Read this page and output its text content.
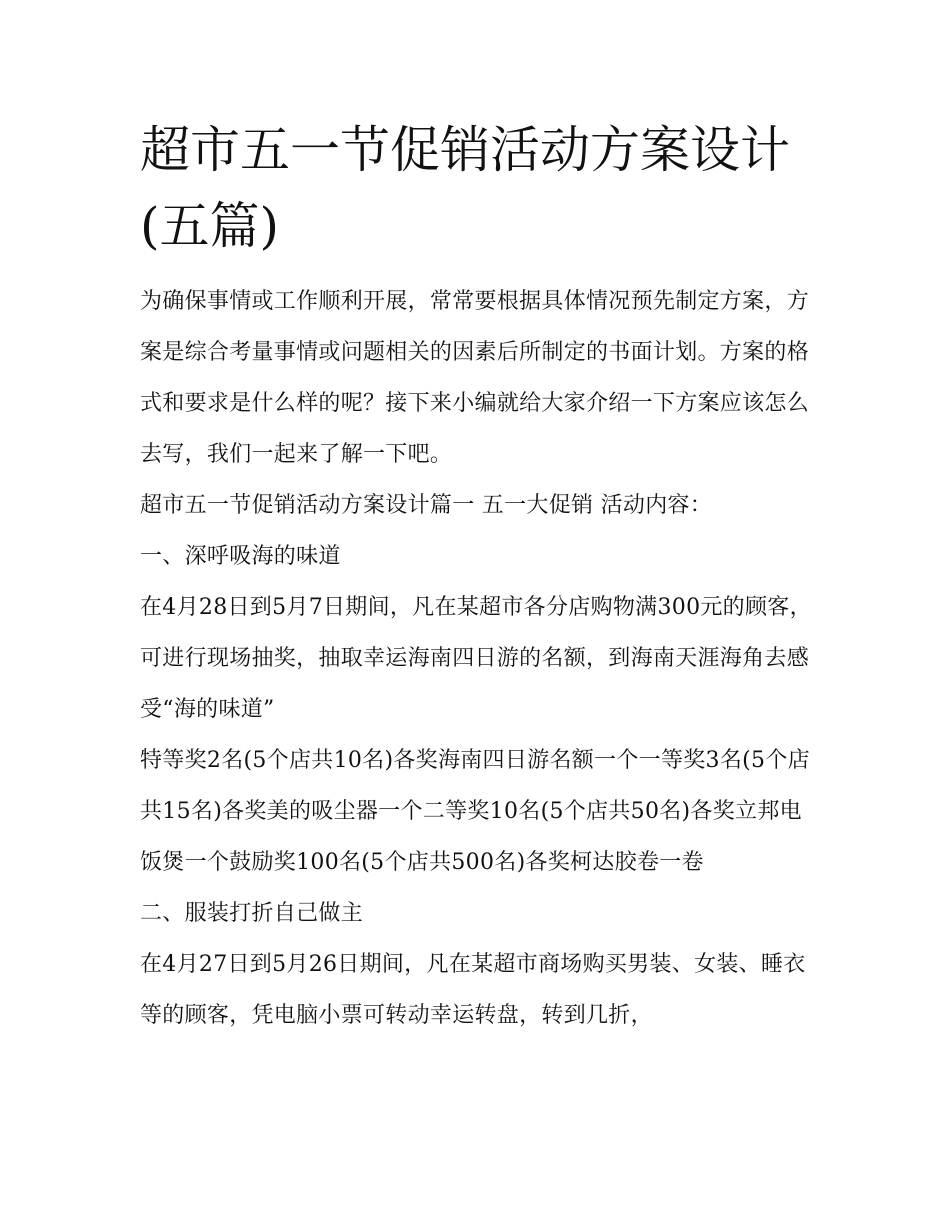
超市五一节促销活动方案设计(五篇)

为确保事情或工作顺利开展，常常要根据具体情况预先制定方案，方案是综合考量事情或问题相关的因素后所制定的书面计划。方案的格式和要求是什么样的呢？接下来小编就给大家介绍一下方案应该怎么去写，我们一起来了解一下吧。

超市五一节促销活动方案设计篇一 五一大促销 活动内容：

一、深呼吸海的味道

在4月28日到5月7日期间，凡在某超市各分店购物满300元的顾客，可进行现场抽奖，抽取幸运海南四日游的名额，到海南天涯海角去感受“海的味道”

特等奖2名(5个店共10名)各奖海南四日游名额一个一等奖3名(5个店共15名)各奖美的吸尘器一个二等奖10名(5个店共50名)各奖立邦电饭煲一个鼓励奖100名(5个店共500名)各奖柯达胶卷一卷

二、服装打折自己做主

在4月27日到5月26日期间，凡在某超市商场购买男装、女装、睡衣等的顾客，凭电脑小票可转动幸运转盘，转到几折，
